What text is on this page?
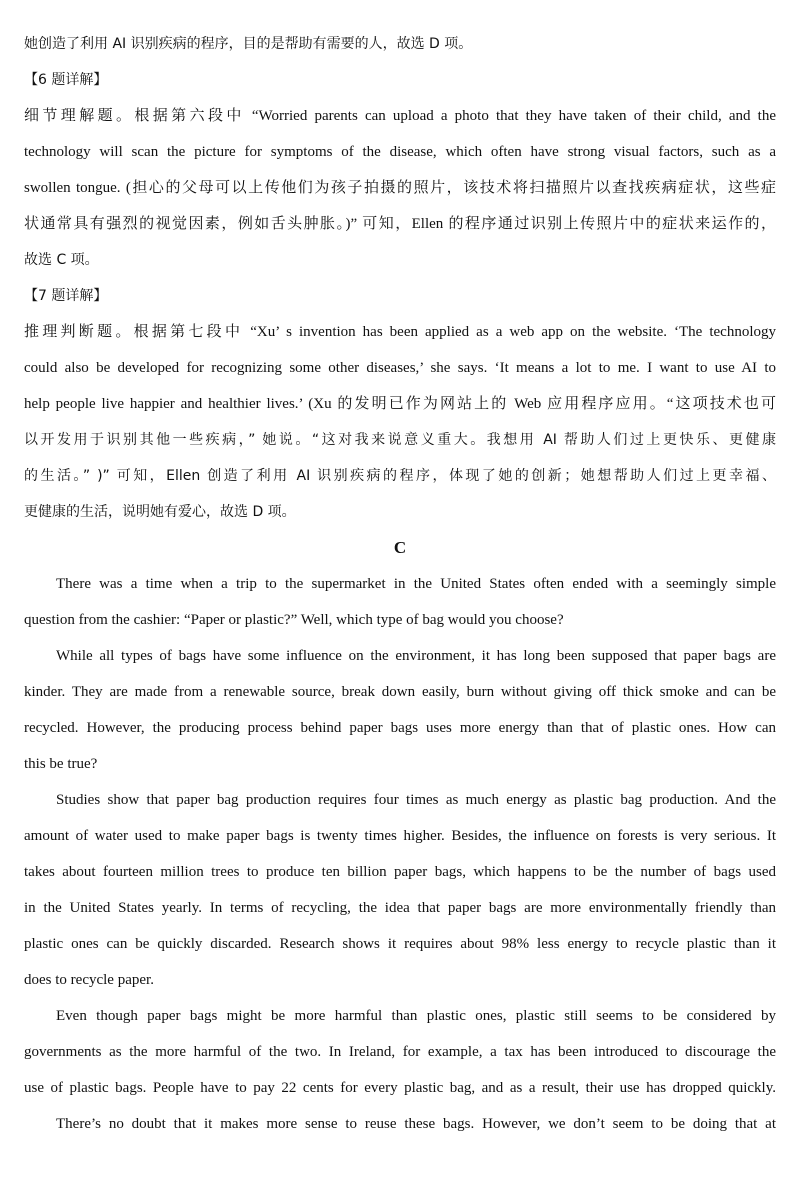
她创造了利用 AI 识别疾病的程序，目的是帮助有需要的人，故选 D 项。
【6 题详解】
细节理解题。根据第六段中 “Worried parents can upload a photo that they have taken of their child, and the
technology will scan the picture for symptoms of the disease, which often have strong visual factors, such as a
swollen tongue. (担心的父母可以上传他们为孩子拍摄的照片，该技术将扫描照片以查找疾病症状，这些症
状通常具有强烈的视觉因素，例如舌头肿胀。)” 可知，Ellen 的程序通过识别上传照片中的症状来运作的，
故选 C 项。
【7 题详解】
推理判断题。根据第七段中 “Xu’ s invention has been applied as a web app on the website. ‘The technology
could also be developed for recognizing some other diseases,’ she says. ‘It means a lot to me. I want to use AI to
help people live happier and healthier lives.’ (Xu 的发明已作为网站上的 Web 应用程序应用。“这项技术也可
以开发用于识别其他一些疾病，” 她说。“这对我来说意义重大。我想用 AI 帮助人们过上更快乐、更健康
的生活。” )” 可知，Ellen 创造了利用 AI 识别疾病的程序，体现了她的创新；她想帮助人们过上更幸福、
更健康的生活，说明她有爱心，故选 D 项。
C
There was a time when a trip to the supermarket in the United States often ended with a seemingly simple
question from the cashier: “Paper or plastic?” Well, which type of bag would you choose?
While all types of bags have some influence on the environment, it has long been supposed that paper bags are
kinder. They are made from a renewable source, break down easily, burn without giving off thick smoke and can be
recycled. However, the producing process behind paper bags uses more energy than that of plastic ones. How can
this be true?
Studies show that paper bag production requires four times as much energy as plastic bag production. And the
amount of water used to make paper bags is twenty times higher. Besides, the influence on forests is very serious. It
takes about fourteen million trees to produce ten billion paper bags, which happens to be the number of bags used
in the United States yearly. In terms of recycling, the idea that paper bags are more environmentally friendly than
plastic ones can be quickly discarded. Research shows it requires about 98% less energy to recycle plastic than it
does to recycle paper.
Even though paper bags might be more harmful than plastic ones, plastic still seems to be considered by
governments as the more harmful of the two. In Ireland, for example, a tax has been introduced to discourage the
use of plastic bags. People have to pay 22 cents for every plastic bag, and as a result, their use has dropped quickly.
There’s no doubt that it makes more sense to reuse these bags. However, we don’t seem to be doing that at
